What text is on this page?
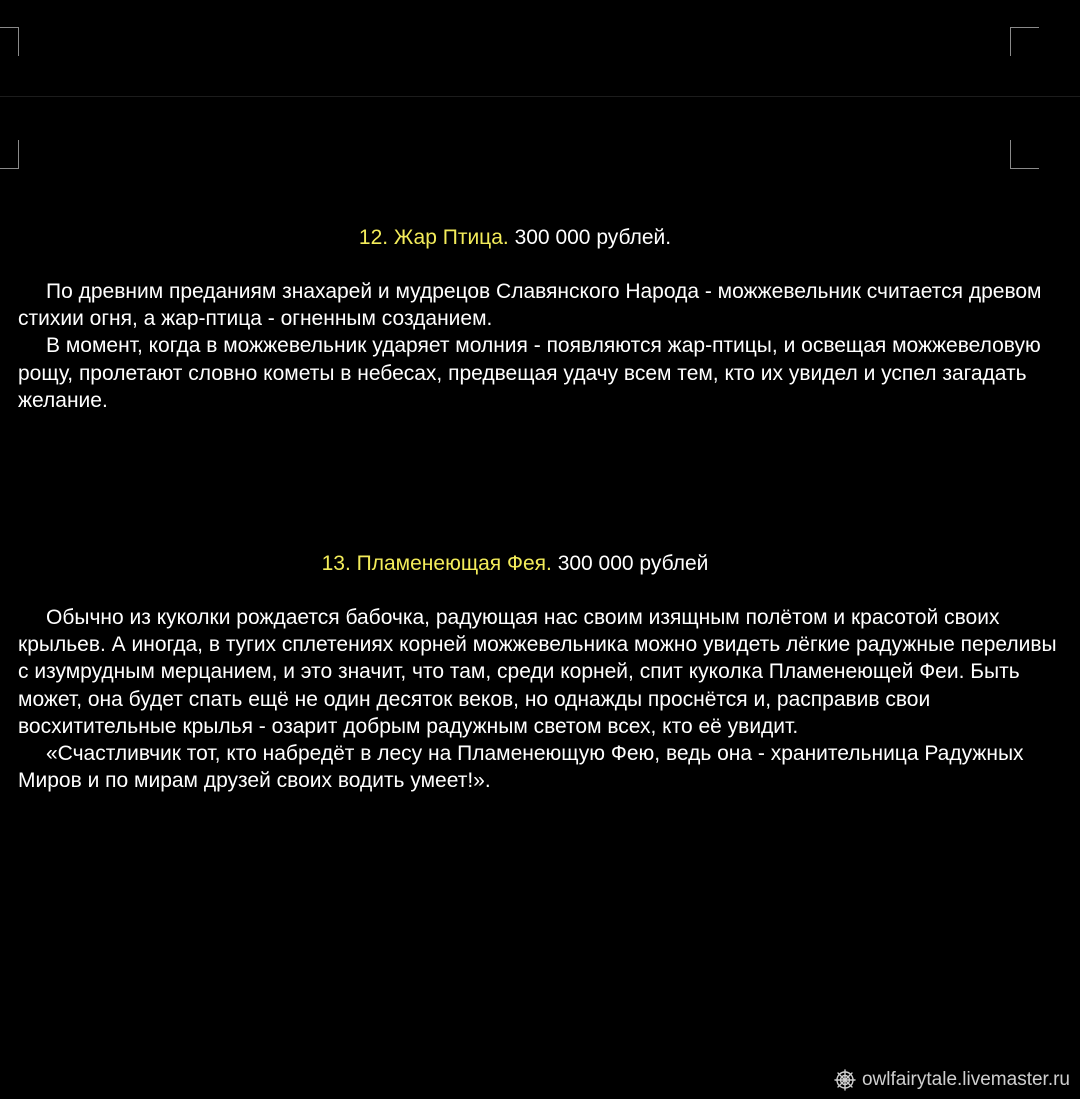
12. Жар Птица. 300 000 рублей.

По древним преданиям знахарей и мудрецов Славянского Народа - можжевельник считается древом стихии огня, а жар-птица - огненным созданием.

В момент, когда в можжевельник ударяет молния - появляются жар-птицы, и освещая можжевеловую рощу, пролетают словно кометы в небесах, предвещая удачу всем тем, кто их увидел и успел загадать желание.

13. Пламенеющая Фея. 300 000 рублей

Обычно из куколки рождается бабочка, радующая нас своим изящным полётом и красотой своих крыльев. А иногда, в тугих сплетениях корней можжевельника можно увидеть лёгкие радужные переливы с изумрудным мерцанием, и это значит, что там, среди корней, спит куколка Пламенеющей Феи. Быть может, она будет спать ещё не один десяток веков, но однажды проснётся и, расправив свои восхитительные крылья - озарит добрым радужным светом всех, кто её увидит.

«Счастливчик тот, кто набредёт в лесу на Пламенеющую Фею, ведь она - хранительница Радужных Миров и по мирам друзей своих водить умеет!».

owlfairytale.livemaster.ru
